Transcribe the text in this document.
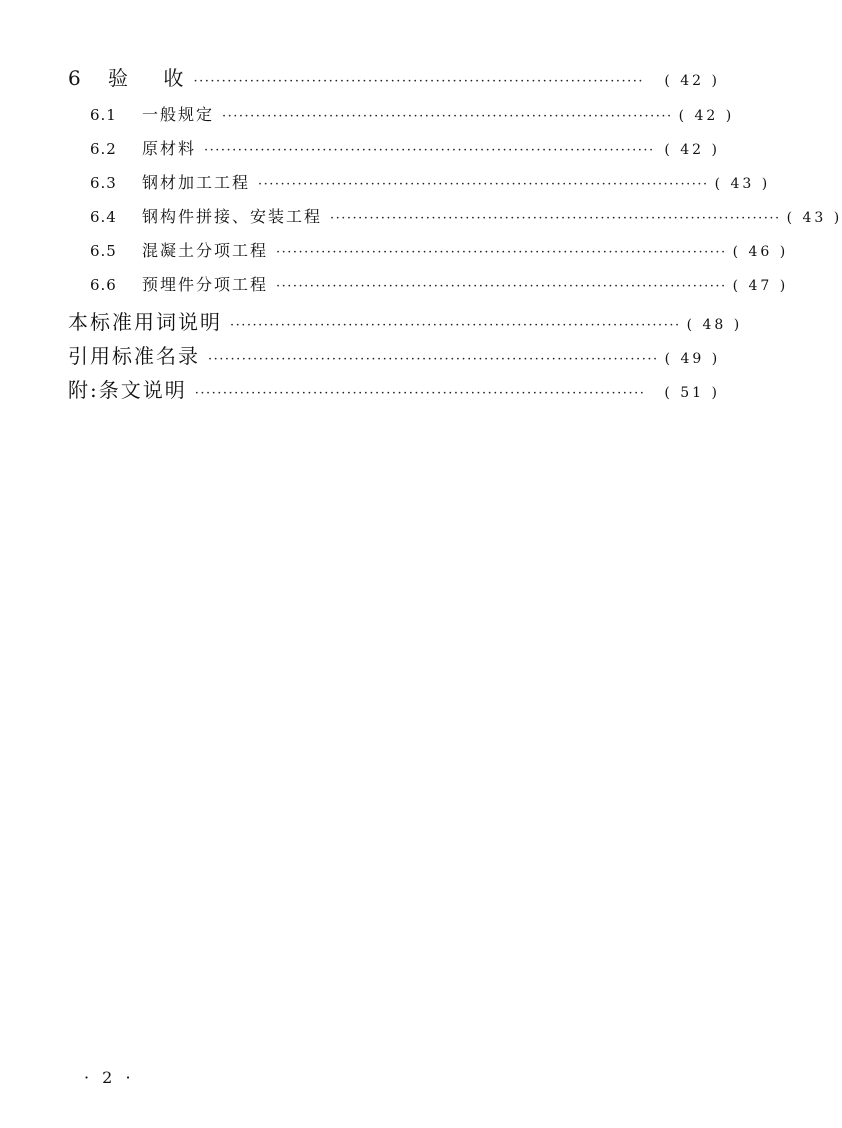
6 验    收 ················································································	( 42 )
6.1 一般规定 ················································································ ( 42 )
6.2 原材料 ················································································ ( 42 )
6.3 钢材加工工程 ················································································ ( 43 )
6.4 钢构件拼接、安装工程 ················································································ ( 43 )
6.5 混凝土分项工程 ················································································ ( 46 )
6.6 预埋件分项工程 ················································································ ( 47 )
本标准用词说明 ················································································ ( 48 )
引用标准名录 ················································································ ( 49 )
附:条文说明 ················································································	( 51 )
· 2 ·
